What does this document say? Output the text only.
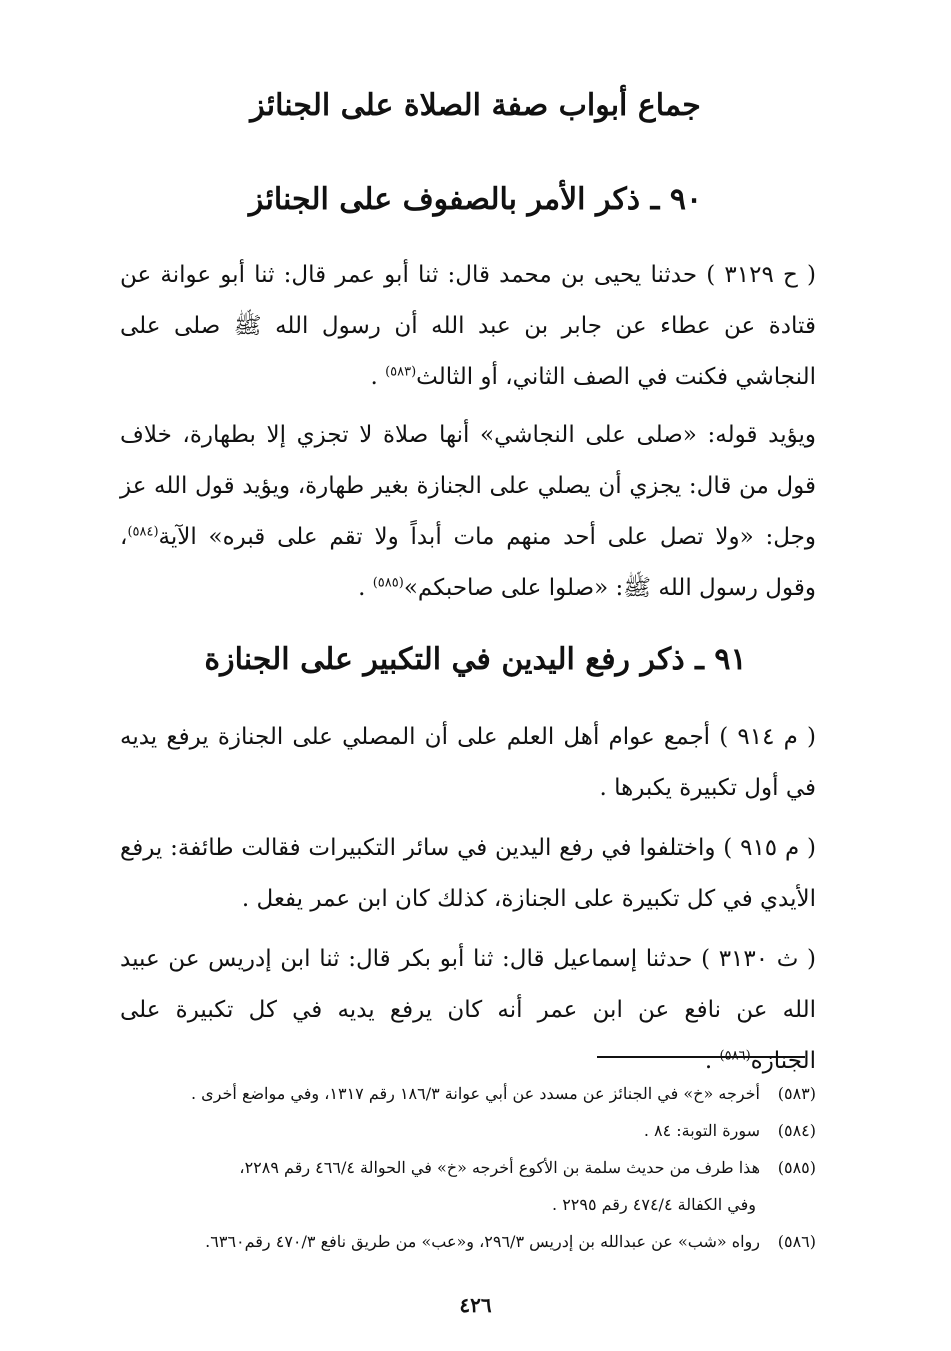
جماع أبواب صفة الصلاة على الجنائز
٩٠ ـ ذكر الأمر بالصفوف على الجنائز

( ح ٣١٢٩ ) حدثنا يحيى بن محمد قال: ثنا أبو عمر قال: ثنا أبو عوانة عن قتادة عن عطاء عن جابر بن عبد الله أن رسول الله ﷺ صلى على النجاشي فكنت في الصف الثاني، أو الثالث$^{(٥٨٣)}$ .

ويؤيد قوله: «صلى على النجاشي» أنها صلاة لا تجزي إلا بطهارة، خلاف قول من قال: يجزي أن يصلي على الجنازة بغير طهارة، ويؤيد قول الله عز وجل: «ولا تصل على أحد منهم مات أبداً ولا تقم على قبره» الآية$^{(٥٨٤)}$، وقول رسول الله ﷺ: «صلوا على صاحبكم»$^{(٥٨٥)}$ .

٩١ ـ ذكر رفع اليدين في التكبير على الجنازة

( م ٩١٤ ) أجمع عوام أهل العلم على أن المصلي على الجنازة يرفع يديه في أول تكبيرة يكبرها .

( م ٩١٥ ) واختلفوا في رفع اليدين في سائر التكبيرات فقالت طائفة: يرفع الأيدي في كل تكبيرة على الجنازة، كذلك كان ابن عمر يفعل .

( ث ٣١٣٠ ) حدثنا إسماعيل قال: ثنا أبو بكر قال: ثنا ابن إدريس عن عبيد الله عن نافع عن ابن عمر أنه كان يرفع يديه في كل تكبيرة على الجنازة$^{(٥٨٦)}$ .

(٥٨٣)أخرجه «خ» في الجنائز عن مسدد عن أبي عوانة ١٨٦/٣ رقم ١٣١٧، وفي مواضع أخرى .

(٥٨٤)سورة التوبة: ٨٤ .

(٥٨٥)هذا طرف من حديث سلمة بن الأكوع أخرجه «خ» في الحوالة ٤٦٦/٤ رقم ٢٢٨٩،

وفي الكفالة ٤٧٤/٤ رقم ٢٢٩٥ .

(٥٨٦)رواه «شب» عن عبدالله بن إدريس ٢٩٦/٣، و«عب» من طريق نافع ٤٧٠/٣ رقم٦٣٦٠.

٤٢٦
